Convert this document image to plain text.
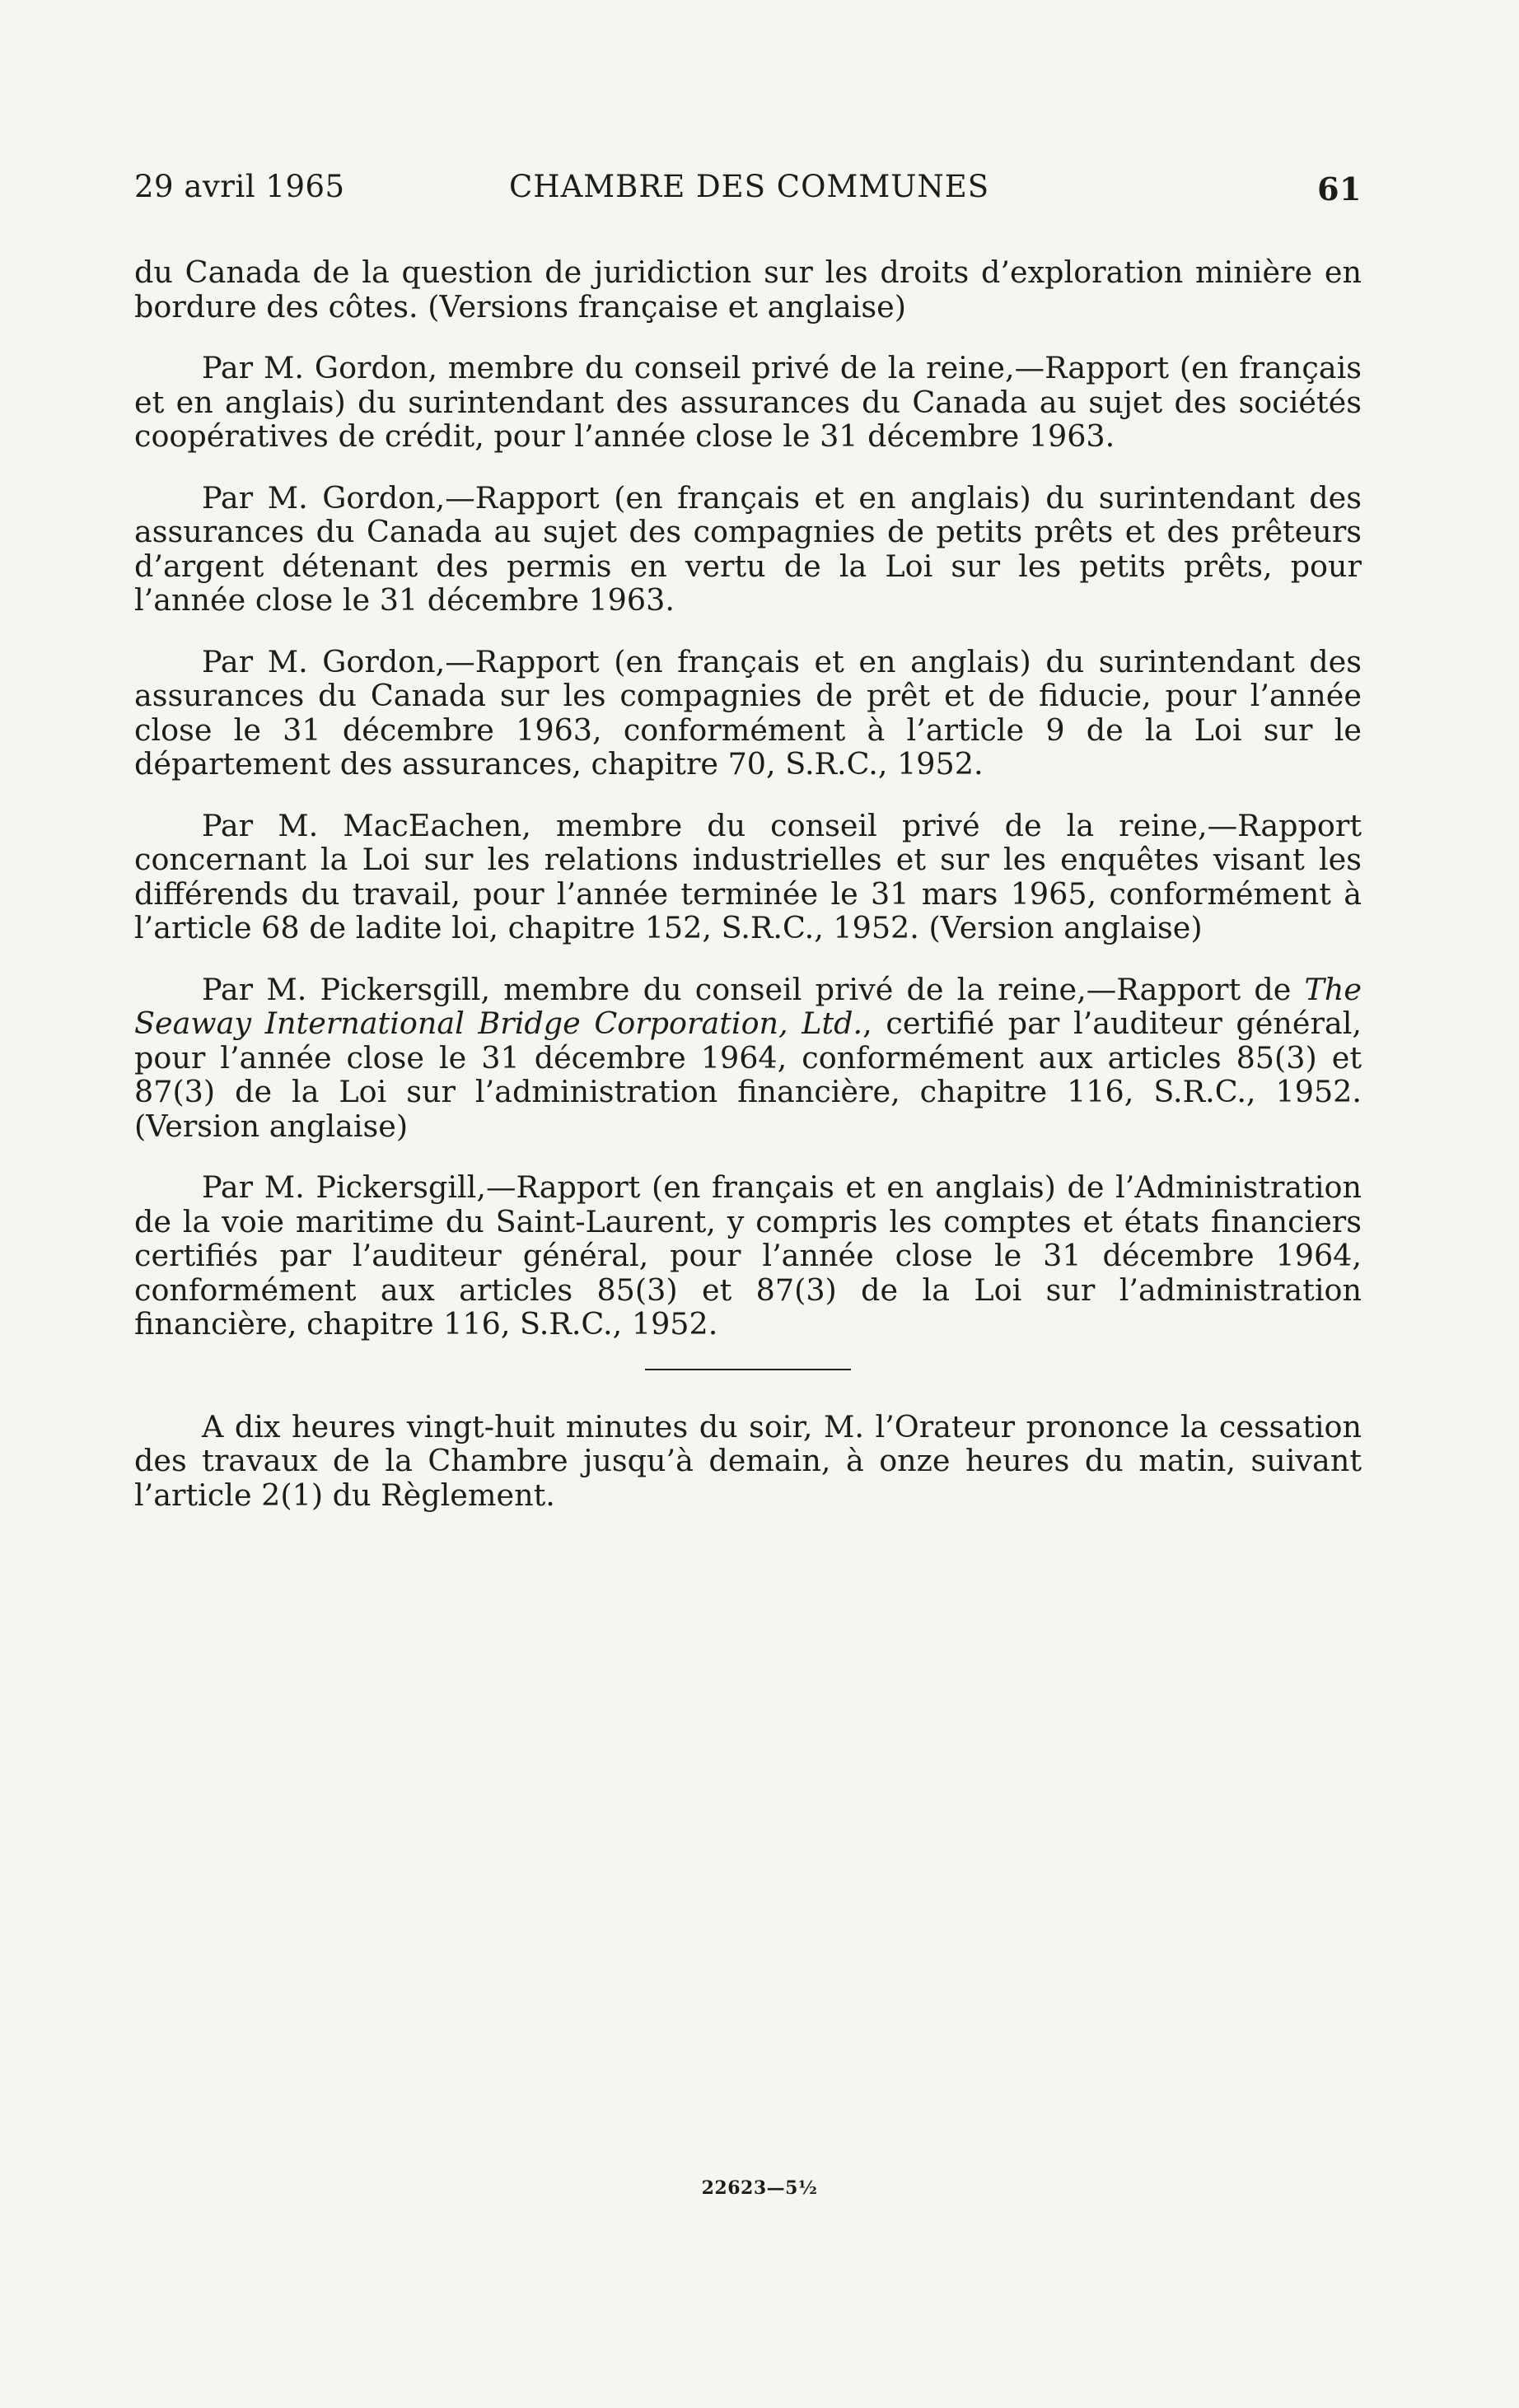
29 avril 1965	CHAMBRE DES COMMUNES	61

du Canada de la question de juridiction sur les droits d’exploration minière en bordure des côtes. (Versions française et anglaise)

Par M. Gordon, membre du conseil privé de la reine,—Rapport (en français et en anglais) du surintendant des assurances du Canada au sujet des sociétés coopératives de crédit, pour l’année close le 31 décembre 1963.

Par M. Gordon,—Rapport (en français et en anglais) du surintendant des assurances du Canada au sujet des compagnies de petits prêts et des prêteurs d’argent détenant des permis en vertu de la Loi sur les petits prêts, pour l’année close le 31 décembre 1963.

Par M. Gordon,—Rapport (en français et en anglais) du surintendant des assurances du Canada sur les compagnies de prêt et de fiducie, pour l’année close le 31 décembre 1963, conformément à l’article 9 de la Loi sur le département des assurances, chapitre 70, S.R.C., 1952.

Par M. MacEachen, membre du conseil privé de la reine,—Rapport concernant la Loi sur les relations industrielles et sur les enquêtes visant les différends du travail, pour l’année terminée le 31 mars 1965, conformément à l’article 68 de ladite loi, chapitre 152, S.R.C., 1952. (Version anglaise)

Par M. Pickersgill, membre du conseil privé de la reine,—Rapport de The Seaway International Bridge Corporation, Ltd., certifié par l’auditeur général, pour l’année close le 31 décembre 1964, conformément aux articles 85(3) et 87(3) de la Loi sur l’administration financière, chapitre 116, S.R.C., 1952. (Version anglaise)

Par M. Pickersgill,—Rapport (en français et en anglais) de l’Administration de la voie maritime du Saint-Laurent, y compris les comptes et états financiers certifiés par l’auditeur général, pour l’année close le 31 décembre 1964, conformément aux articles 85(3) et 87(3) de la Loi sur l’administration financière, chapitre 116, S.R.C., 1952.

A dix heures vingt-huit minutes du soir, M. l’Orateur prononce la cessation des travaux de la Chambre jusqu’à demain, à onze heures du matin, suivant l’article 2(1) du Règlement.

22623—5½
